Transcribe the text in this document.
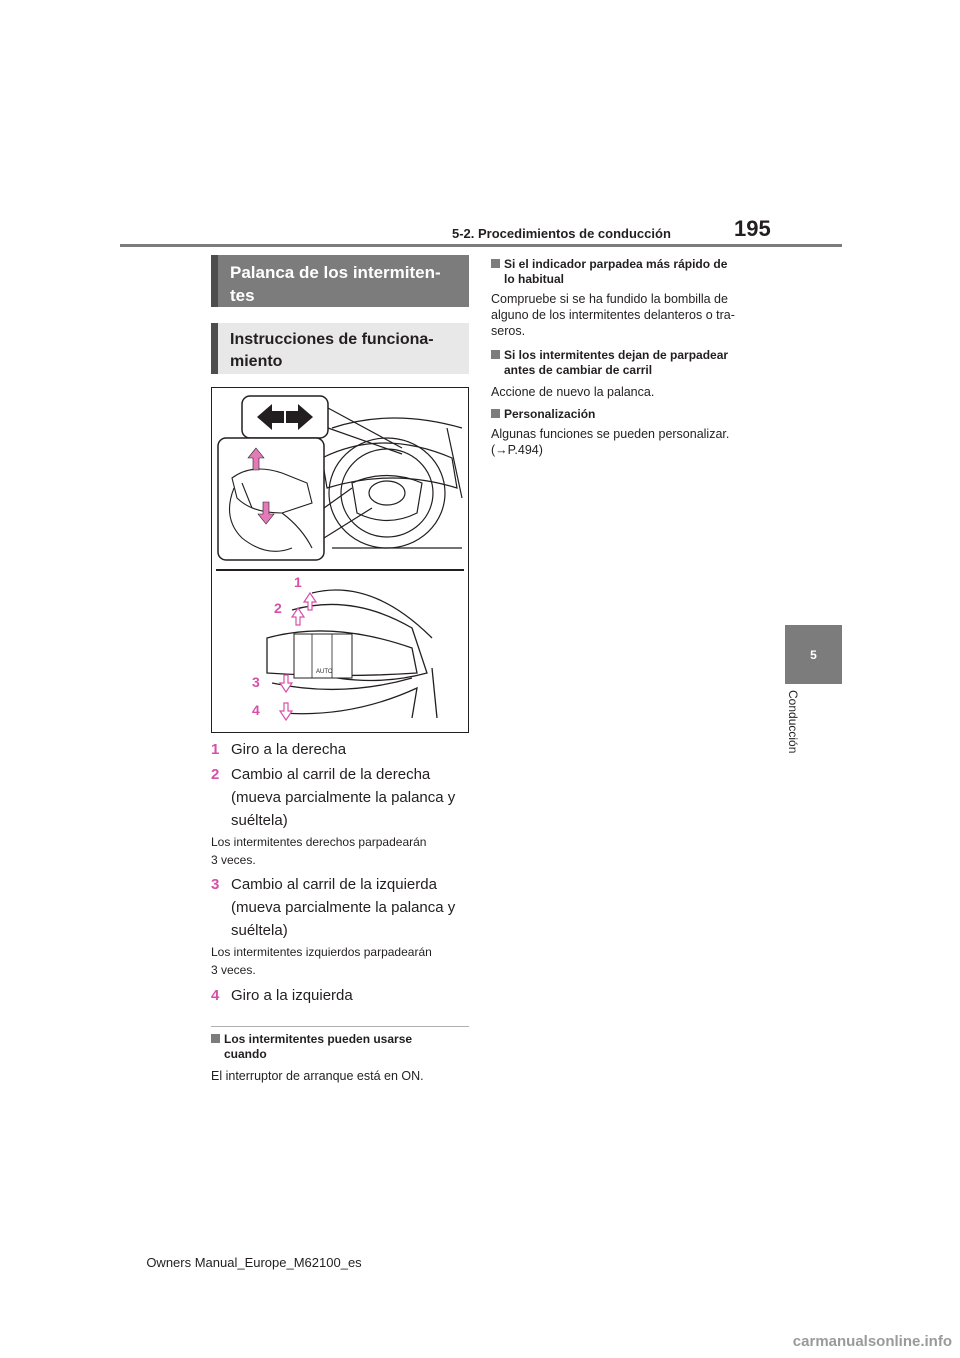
5-2. Procedimientos de conducción	195
5
Conducción
Palanca de los intermiten-tes
Instrucciones de funciona-miento
AUTO
1
2
3
4
1 Giro a la derecha
2 Cambio al carril de la derecha
(mueva parcialmente la palanca y
suéltela)
Los intermitentes derechos parpadearán
3 veces.
3 Cambio al carril de la izquierda
(mueva parcialmente la palanca y
suéltela)
Los intermitentes izquierdos parpadearán
3 veces.
4 Giro a la izquierda
Los intermitentes pueden usarse
cuando
El interruptor de arranque está en ON.
Si el indicador parpadea más rápido de
lo habitual
Compruebe si se ha fundido la bombilla de
alguno de los intermitentes delanteros o tra-
seros.
Si los intermitentes dejan de parpadear
antes de cambiar de carril
Accione de nuevo la palanca.
Personalización
Algunas funciones se pueden personalizar.
(→P.494)
Owners Manual_Europe_M62100_es
carmanualsonline.info
